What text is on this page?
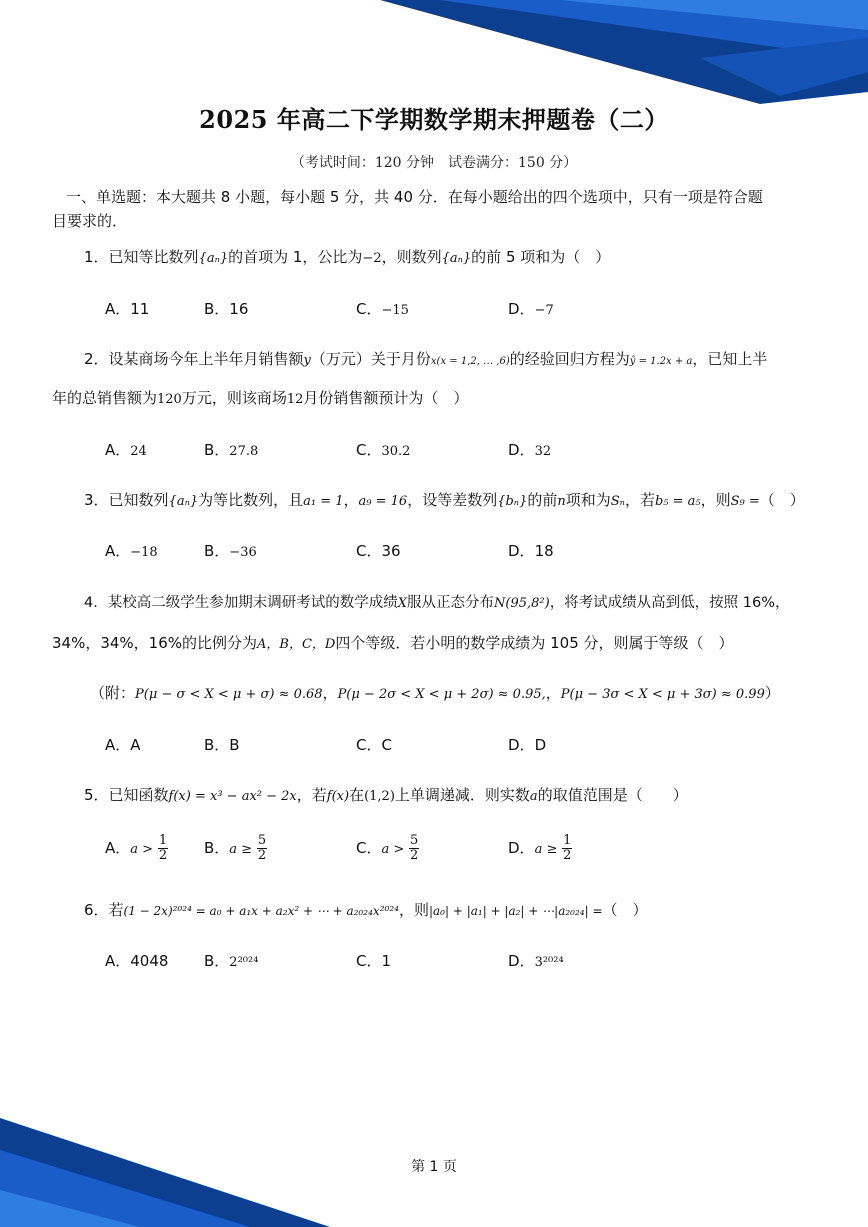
2025 年高二下学期数学期末押题卷（二）
（考试时间：120 分钟　试卷满分：150 分）
一、单选题：本大题共 8 小题，每小题 5 分，共 40 分．在每小题给出的四个选项中，只有一项是符合题
目要求的．
1．已知等比数列{aₙ}的首项为 1，公比为−2，则数列{aₙ}的前 5 项和为（　）
A．11	B．16	C．−15	D．−7
2．设某商场今年上半年月销售额y（万元）关于月份x(x = 1,2, … ,6)的经验回归方程为ŷ = 1.2x + a，已知上半
年的总销售额为120万元，则该商场12月份销售额预计为（　）
A．24	B．27.8	C．30.2	D．32
3．已知数列{aₙ}为等比数列，且a₁ = 1，a₉ = 16，设等差数列{bₙ}的前n项和为Sₙ，若b₅ = a₅，则S₉ =（　）
A．−18	B．−36	C．36	D．18
4．某校高二级学生参加期末调研考试的数学成绩X服从正态分布N(95,8²)，将考试成绩从高到低，按照 16%，
34%，34%，16%的比例分为A，B，C，D四个等级．若小明的数学成绩为 105 分，则属于等级（　）
（附：P(μ − σ < X < μ + σ) ≈ 0.68，P(μ − 2σ < X < μ + 2σ) ≈ 0.95,，P(μ − 3σ < X < μ + 3σ) ≈ 0.99）
A．A	B．B	C．C	D．D
5．已知函数f(x) = x³ − ax² − 2x，若f(x)在(1,2)上单调递减．则实数a的取值范围是（　　）
A．$a > \frac{1}{2}$ B．$a \ge \frac{5}{2}$	C．$a > \frac{5}{2}$	D．$a \ge \frac{1}{2}$
6．若(1 − 2x)²⁰²⁴ = a₀ + a₁x + a₂x² + ⋯ + a₂₀₂₄x²⁰²⁴，则|a₀| + |a₁| + |a₂| + ⋯|a₂₀₂₄| =（　）
A．4048 B．2²⁰²⁴	C．1	D．3²⁰²⁴
第 1 页
